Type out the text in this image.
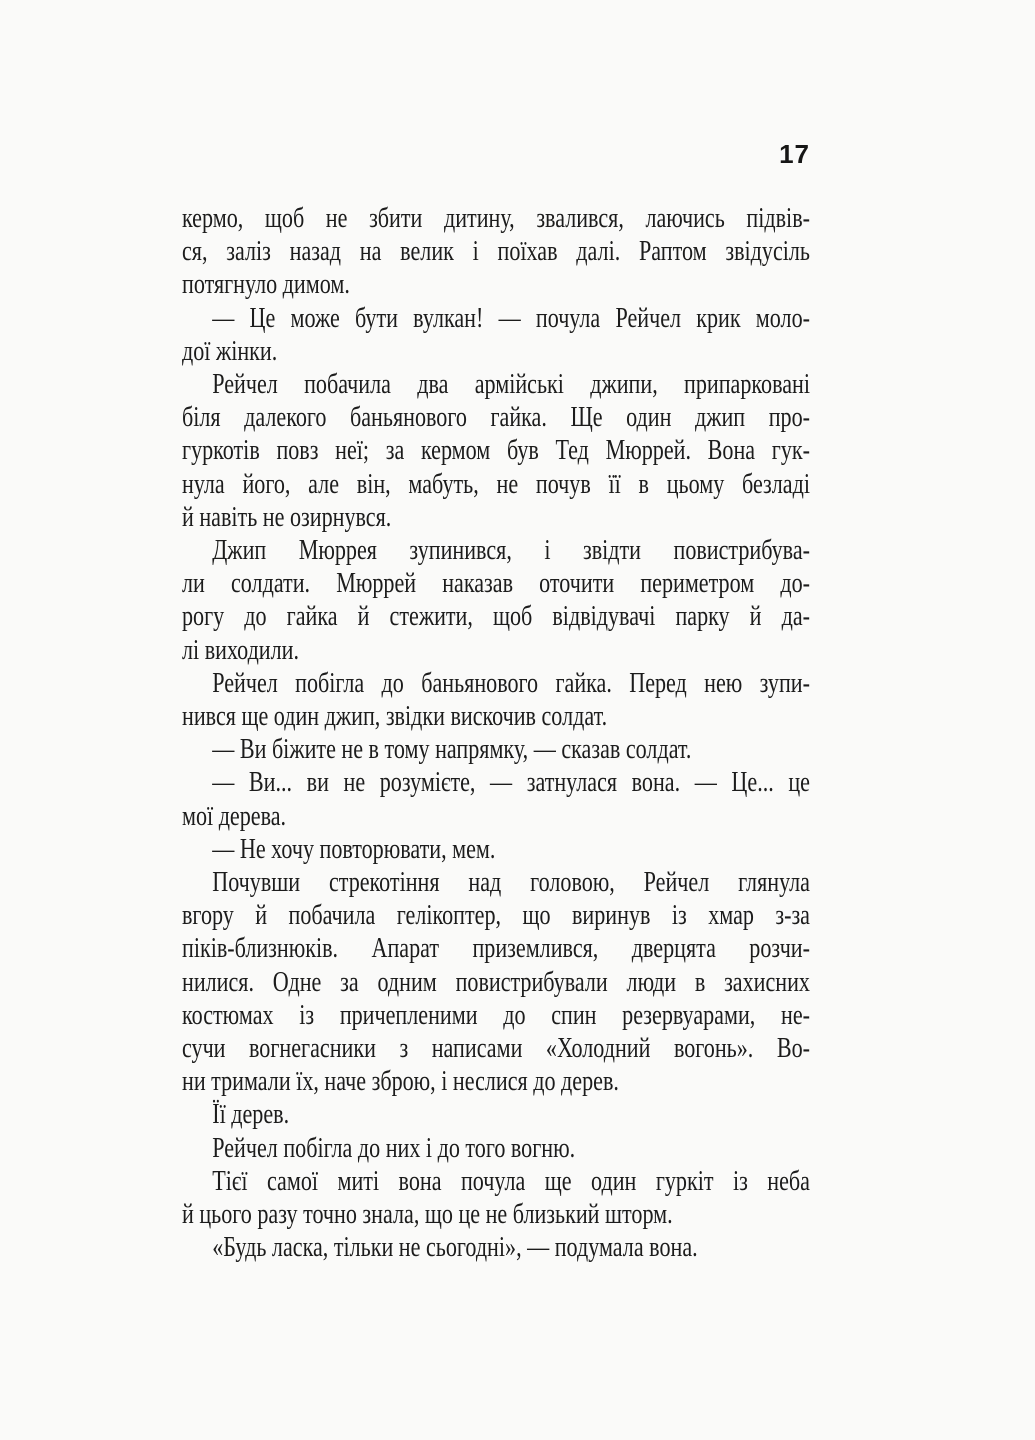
17
кермо, щоб не збити дитину, звалився, лаючись підвів-
ся, заліз назад на велик і поїхав далі. Раптом звідусіль
потягнуло димом.
— Це може бути вулкан! — почула Рейчел крик моло-
дої жінки.
Рейчел побачила два армійські джипи, припарковані
біля далекого баньянового гайка. Ще один джип про-
гуркотів повз неї; за кермом був Тед Мюррей. Вона гук-
нула його, але він, мабуть, не почув її в цьому безладі
й навіть не озирнувся.
Джип Мюррея зупинився, і звідти повистрибува-
ли солдати. Мюррей наказав оточити периметром до-
рогу до гайка й стежити, щоб відвідувачі парку й да-
лі виходили.
Рейчел побігла до баньянового гайка. Перед нею зупи-
нився ще один джип, звідки вискочив солдат.
— Ви біжите не в тому напрямку, — сказав солдат.
— Ви... ви не розумієте, — затнулася вона. — Це... це
мої дерева.
— Не хочу повторювати, мем.
Почувши стрекотіння над головою, Рейчел глянула
вгору й побачила гелікоптер, що виринув із хмар з-за
піків-близнюків. Апарат приземлився, дверцята розчи-
нилися. Одне за одним повистрибували люди в захисних
костюмах із причепленими до спин резервуарами, не-
сучи вогнегасники з написами «Холодний вогонь». Во-
ни тримали їх, наче зброю, і неслися до дерев.
Її дерев.
Рейчел побігла до них і до того вогню.
Тієї самої миті вона почула ще один гуркіт із неба
й цього разу точно знала, що це не близький шторм.
«Будь ласка, тільки не сьогодні», — подумала вона.
